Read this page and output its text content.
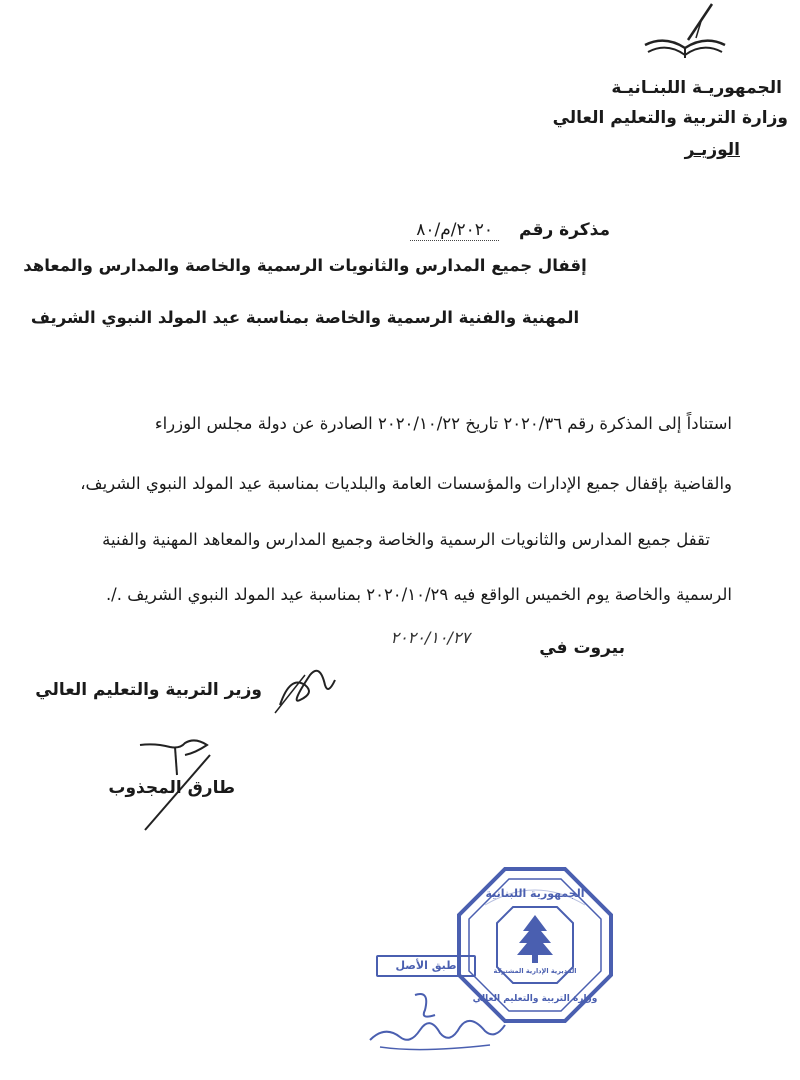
الجمهوريـة اللبنـانيـة
وزارة التربية والتعليم العالي
الوزيـر
مذكرة رقم ٢٠٢٠/م/٨٠
إقفال جميع المدارس والثانويات الرسمية والخاصة والمدارس والمعاهد
المهنية والفنية الرسمية والخاصة بمناسبة عيد المولد النبوي الشريف
استناداً إلى المذكرة رقم ٢٠٢٠/٣٦ تاريخ ٢٠٢٠/١٠/٢٢ الصادرة عن دولة مجلس الوزراء
والقاضية بإقفال جميع الإدارات والمؤسسات العامة والبلديات بمناسبة عيد المولد النبوي الشريف،
تقفل جميع المدارس والثانويات الرسمية والخاصة وجميع المدارس والمعاهد المهنية والفنية
الرسمية والخاصة يوم الخميس الواقع فيه ٢٠٢٠/١٠/٢٩ بمناسبة عيد المولد النبوي الشريف ./.
بيروت في
٢٠٢٠/١٠/٢٧
وزير التربية والتعليم العالي
طارق المجذوب
الجمهورية اللبنانية
المديرية الإدارية المشتركة
وزارة التربية والتعليم العالي
طبق الأصل
